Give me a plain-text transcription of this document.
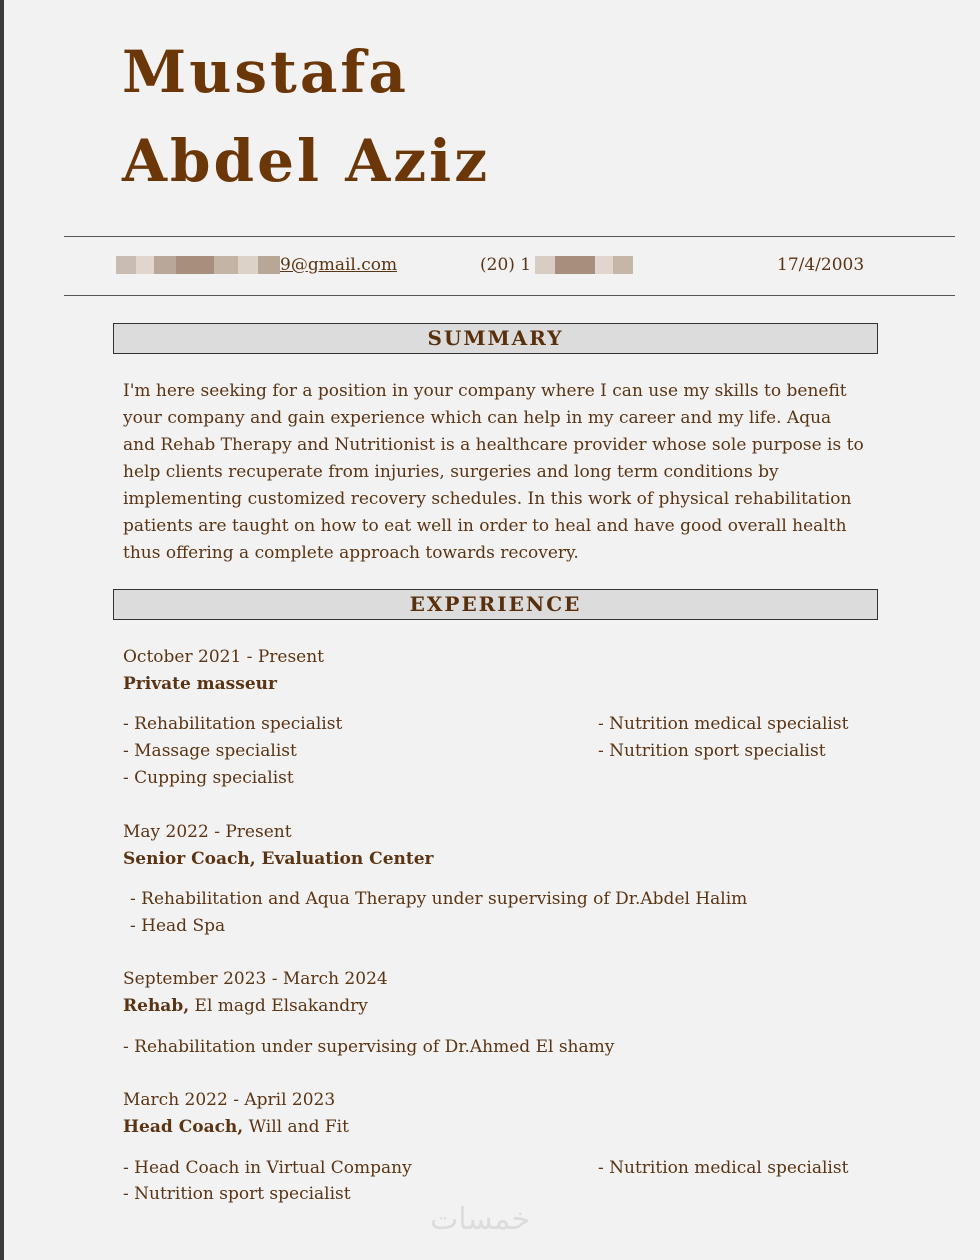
Mustafa
Abdel Aziz
9@gmail.com	(20) 1	17/4/2003
SUMMARY
I'm here seeking for a position in your company where I can use my skills to benefit your company and gain experience which can help in my career and my life. Aqua and Rehab Therapy and Nutritionist is a healthcare provider whose sole purpose is to help clients recuperate from injuries, surgeries and long term conditions by implementing customized recovery schedules. In this work of physical rehabilitation patients are taught on how to eat well in order to heal and have good overall health thus offering a complete approach towards recovery.
EXPERIENCE
October 2021 - Present
Private masseur
- Rehabilitation specialist
- Massage specialist
- Cupping specialist
- Nutrition medical specialist
- Nutrition sport specialist
May 2022 - Present
Senior Coach, Evaluation Center
- Rehabilitation and Aqua Therapy under supervising of Dr.Abdel Halim
- Head Spa
September 2023 - March 2024
Rehab, El magd Elsakandry
- Rehabilitation under supervising of Dr.Ahmed El shamy
March 2022 - April 2023
Head Coach, Will and Fit
- Head Coach in Virtual Company
- Nutrition sport specialist
- Nutrition medical specialist
خمسات
